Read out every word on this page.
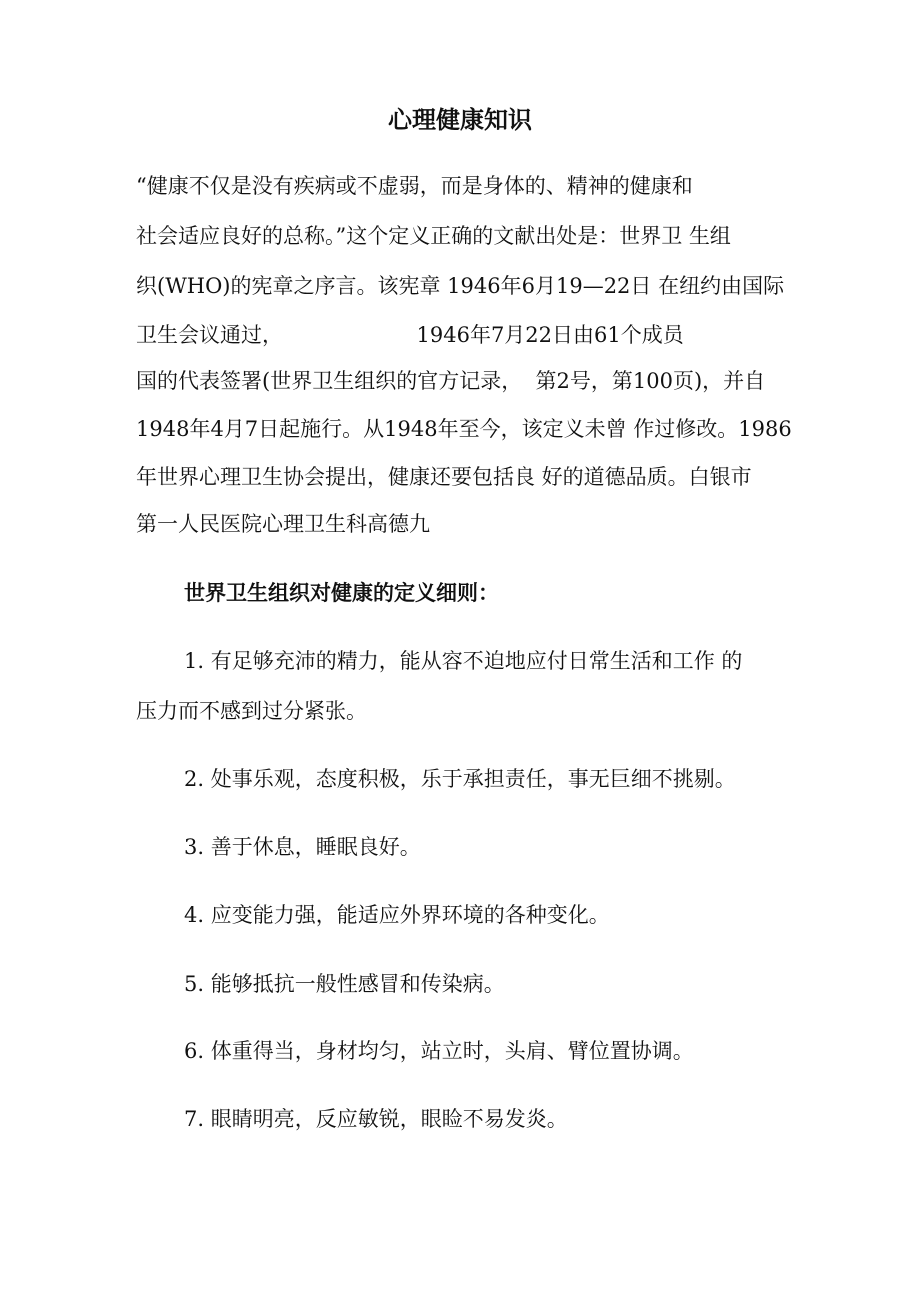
心理健康知识
“健康不仅是没有疾病或不虚弱，而是身体的、精神的健康和
社会适应良好的总称。”这个定义正确的文献出处是：世界卫 生组
织(WHO)的宪章之序言。该宪章 1946年6月19—22日 在纽约由国际
卫生会议通过，                    1946年7月22日由61个成员
国的代表签署(世界卫生组织的官方记录，  第2号，第100页)，并自
1948年4月7日起施行。从1948年至今，该定义未曾 作过修改。1986
年世界心理卫生协会提出，健康还要包括良 好的道德品质。白银市
第一人民医院心理卫生科高德九
世界卫生组织对健康的定义细则：
1. 有足够充沛的精力，能从容不迫地应付日常生活和工作 的
压力而不感到过分紧张。
2. 处事乐观，态度积极，乐于承担责任，事无巨细不挑剔。
3. 善于休息，睡眠良好。
4. 应变能力强，能适应外界环境的各种变化。
5. 能够抵抗一般性感冒和传染病。
6. 体重得当，身材均匀，站立时，头肩、臂位置协调。
7. 眼睛明亮，反应敏锐，眼睑不易发炎。
